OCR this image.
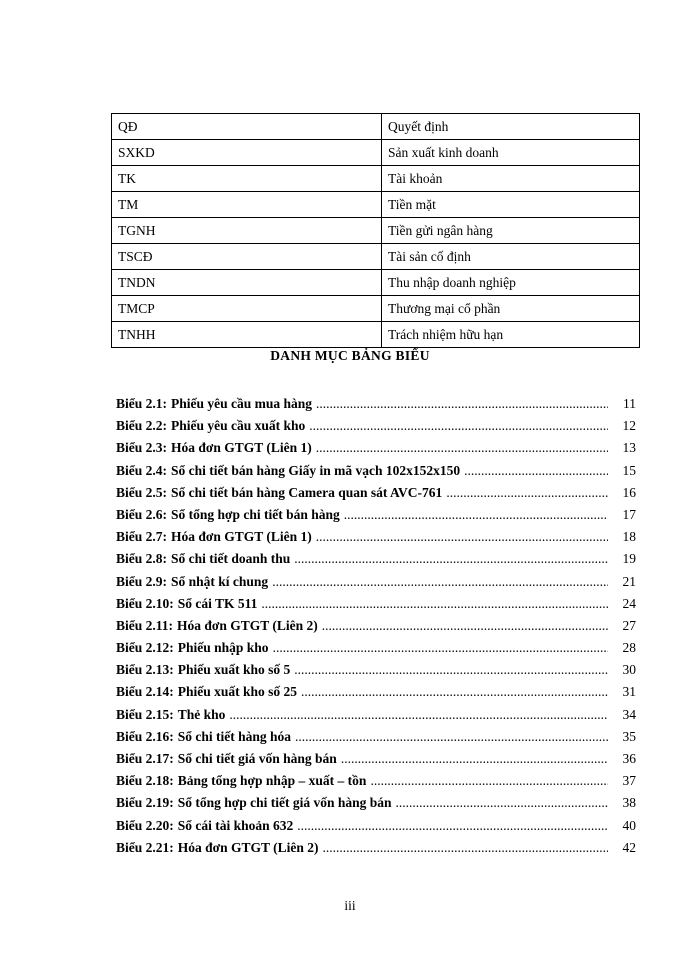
QĐ	Quyết định
SXKD	Sản xuất kinh doanh
TK	Tài khoản
TM	Tiền mặt
TGNH	Tiền gửi ngân hàng
TSCĐ	Tài sản cố định
TNDN	Thu nhập doanh nghiệp
TMCP	Thương mại cổ phần
TNHH	Trách nhiệm hữu hạn
DANH MỤC BẢNG BIỂU
Biểu 2.1: Phiếu yêu cầu mua hàng .....	11
Biểu 2.2: Phiếu yêu cầu xuất kho .....	12
Biểu 2.3: Hóa đơn GTGT (Liên 1) .....	13
Biểu 2.4: Sổ chi tiết bán hàng Giấy in mã vạch 102x152x150 .....	15
Biểu 2.5: Sổ chi tiết bán hàng Camera quan sát AVC-761 .....	16
Biểu 2.6: Sổ tổng hợp chi tiết bán hàng .....	17
Biểu 2.7: Hóa đơn GTGT (Liên 1) .....	18
Biểu 2.8: Sổ chi tiết doanh thu .....	19
Biểu 2.9: Sổ nhật kí chung .....	21
Biểu 2.10: Sổ cái TK 511 .....	24
Biểu 2.11: Hóa đơn GTGT (Liên 2) .....	27
Biểu 2.12: Phiếu nhập kho .....	28
Biểu 2.13: Phiếu xuất kho số 5 .....	30
Biểu 2.14: Phiếu xuất kho số 25 .....	31
Biểu 2.15: Thẻ kho .....	34
Biểu 2.16: Sổ chi tiết hàng hóa .....	35
Biểu 2.17: Sổ chi tiết giá vốn hàng bán .....	36
Biểu 2.18: Bảng tổng hợp nhập – xuất – tồn .....	37
Biểu 2.19: Sổ tổng hợp chi tiết giá vốn hàng bán .....	38
Biểu 2.20: Sổ cái tài khoản 632 .....	40
Biểu 2.21: Hóa đơn GTGT (Liên 2) .....	42
iii
